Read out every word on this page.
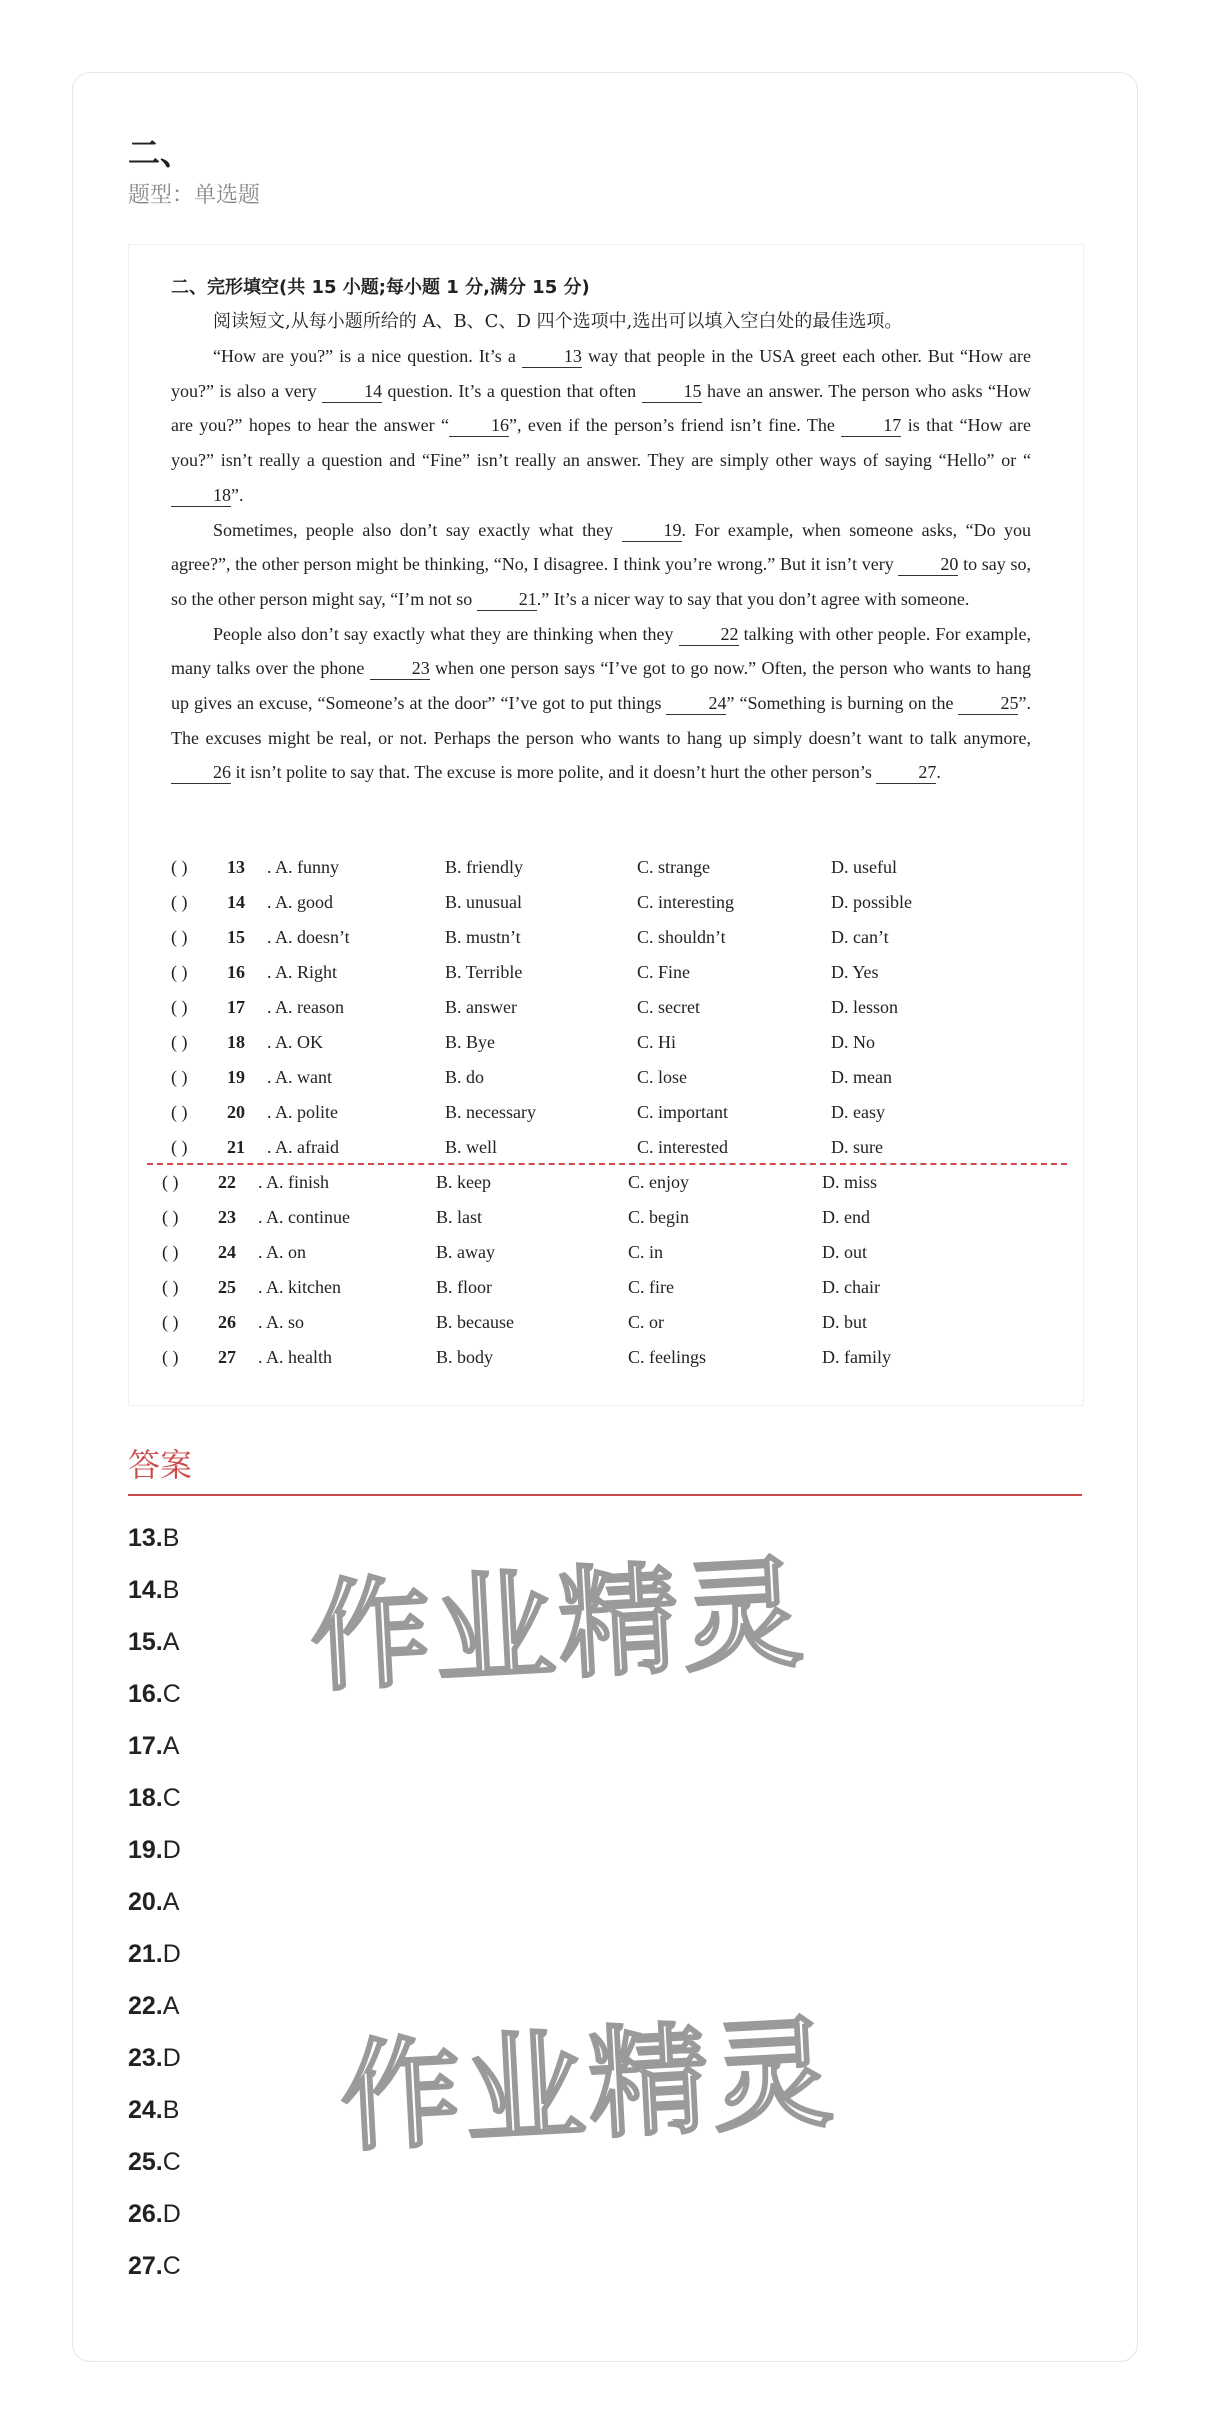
二、
题型：单选题
二、完形填空(共 15 小题;每小题 1 分,满分 15 分)
阅读短文,从每小题所给的 A、B、C、D 四个选项中,选出可以填入空白处的最佳选项。

“How are you?” is a nice question. It’s a 13 way that people in the USA greet each other. But “How are you?” is also a very 14 question. It’s a question that often 15 have an answer. The person who asks “How are you?” hopes to hear the answer “ 16”, even if the person’s friend isn’t fine. The 17 is that “How are you?” isn’t really a question and “Fine” isn’t really an answer. They are simply other ways of saying “Hello” or “18”.

Sometimes, people also don’t say exactly what they 19. For example, when someone asks, “Do you agree?”, the other person might be thinking, “No, I disagree. I think you’re wrong.” But it isn’t very 20 to say so, so the other person might say, “I’m not so 21.” It’s a nicer way to say that you don’t agree with someone.

People also don’t say exactly what they are thinking when they 22 talking with other people. For example, many talks over the phone 23 when one person says “I’ve got to go now.” Often, the person who wants to hang up gives an excuse, “Someone’s at the door” “I’ve got to put things 24” “Something is burning on the 25”. The excuses might be real, or not. Perhaps the person who wants to hang up simply doesn’t want to talk anymore, 26 it isn’t polite to say that. The excuse is more polite, and it doesn’t hurt the other person’s 27.

( ) 13 . A. funny	B. friendly	C. strange	D. useful
( ) 14 . A. good	B. unusual	C. interesting	D. possible
( ) 15 . A. doesn’t	B. mustn’t	C. shouldn’t	D. can’t
( ) 16 . A. Right	B. Terrible	C. Fine	D. Yes
( ) 17 . A. reason	B. answer	C. secret	D. lesson
( ) 18 . A. OK	B. Bye	C. Hi	D. No
( ) 19 . A. want	B. do	C. lose	D. mean
( ) 20 . A. polite	B. necessary	C. important	D. easy
( ) 21 . A. afraid	B. well	C. interested	D. sure
( ) 22 . A. finish	B. keep	C. enjoy	D. miss
( ) 23 . A. continue	B. last	C. begin	D. end
( ) 24 . A. on	B. away	C. in	D. out
( ) 25 . A. kitchen	B. floor	C. fire	D. chair
( ) 26 . A. so	B. because	C. or	D. but
( ) 27 . A. health	B. body	C. feelings	D. family
答案
13.B
14.B
15.A
16.C
17.A
18.C
19.D
20.A
21.D
22.A
23.D
24.B
25.C
26.D
27.C
作业精灵
作业精灵
